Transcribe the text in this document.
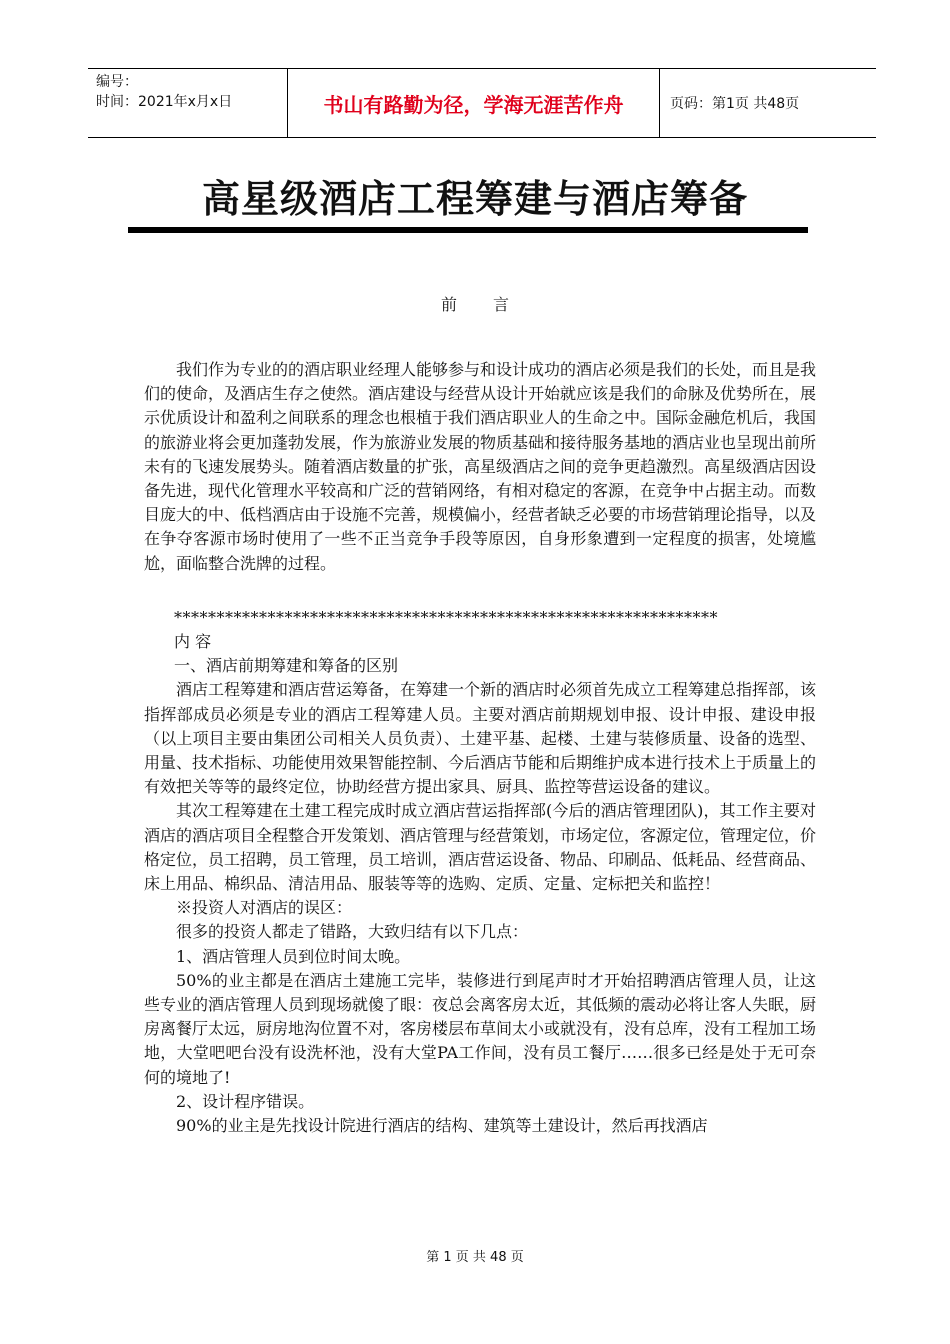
编号：
时间：2021年x月x日	书山有路勤为径，学海无涯苦作舟	页码：第1页 共48页
高星级酒店工程筹建与酒店筹备
前言

我们作为专业的的酒店职业经理人能够参与和设计成功的酒店必须是我们的长处，而且是我们的使命，及酒店生存之使然。酒店建设与经营从设计开始就应该是我们的命脉及优势所在，展示优质设计和盈利之间联系的理念也根植于我们酒店职业人的生命之中。国际金融危机后，我国的旅游业将会更加蓬勃发展，作为旅游业发展的物质基础和接待服务基地的酒店业也呈现出前所未有的飞速发展势头。随着酒店数量的扩张，高星级酒店之间的竞争更趋激烈。高星级酒店因设备先进，现代化管理水平较高和广泛的营销网络，有相对稳定的客源，在竞争中占据主动。而数目庞大的中、低档酒店由于设施不完善，规模偏小，经营者缺乏必要的市场营销理论指导，以及在争夺客源市场时使用了一些不正当竞争手段等原因，自身形象遭到一定程度的损害，处境尴尬，面临整合洗牌的过程。

****************************************************************

内 容

一、酒店前期筹建和筹备的区别

酒店工程筹建和酒店营运筹备，在筹建一个新的酒店时必须首先成立工程筹建总指挥部，该指挥部成员必须是专业的酒店工程筹建人员。主要对酒店前期规划申报、设计申报、建设申报（以上项目主要由集团公司相关人员负责）、土建平基、起楼、土建与装修质量、设备的选型、用量、技术指标、功能使用效果智能控制、今后酒店节能和后期维护成本进行技术上于质量上的有效把关等等的最终定位，协助经营方提出家具、厨具、监控等营运设备的建议。

其次工程筹建在土建工程完成时成立酒店营运指挥部(今后的酒店管理团队)，其工作主要对酒店的酒店项目全程整合开发策划、酒店管理与经营策划，市场定位，客源定位，管理定位，价格定位，员工招聘，员工管理，员工培训，酒店营运设备、物品、印刷品、低耗品、经营商品、床上用品、棉织品、清洁用品、服装等等的选购、定质、定量、定标把关和监控！

※投资人对酒店的误区：

很多的投资人都走了错路，大致归结有以下几点：

1、酒店管理人员到位时间太晚。

50%的业主都是在酒店土建施工完毕，装修进行到尾声时才开始招聘酒店管理人员，让这些专业的酒店管理人员到现场就傻了眼：夜总会离客房太近，其低频的震动必将让客人失眠，厨房离餐厅太远，厨房地沟位置不对，客房楼层布草间太小或就没有，没有总库，没有工程加工场地，大堂吧吧台没有设洗杯池，没有大堂PA工作间，没有员工餐厅……很多已经是处于无可奈何的境地了!

2、设计程序错误。

90%的业主是先找设计院进行酒店的结构、建筑等土建设计，然后再找酒店

第 1 页 共 48 页
